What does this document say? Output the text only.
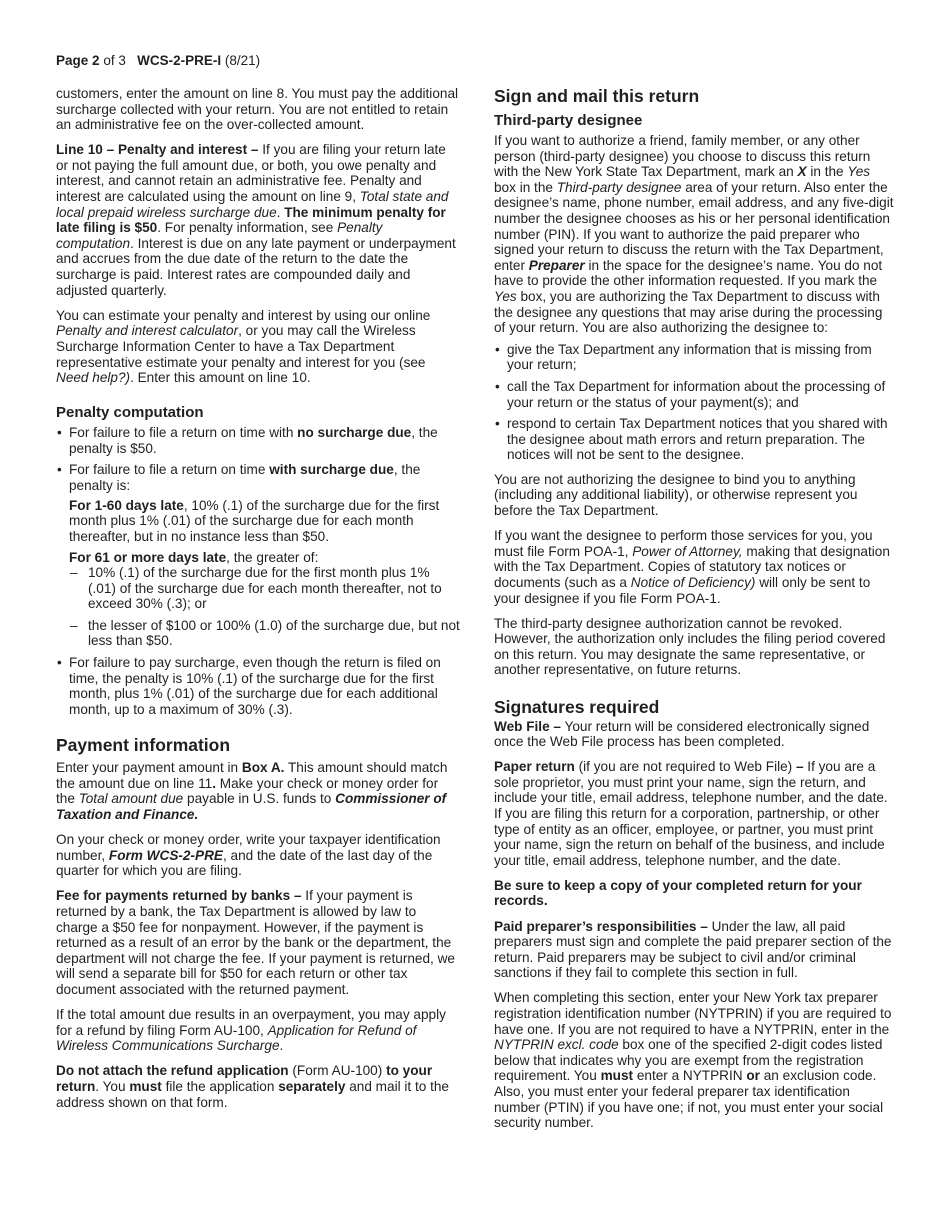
Page 2 of 3 WCS-2-PRE-I (8/21)

customers, enter the amount on line 8. You must pay the additional surcharge collected with your return. You are not entitled to retain an administrative fee on the over-collected amount.

Line 10 – Penalty and interest – If you are filing your return late or not paying the full amount due, or both, you owe penalty and interest, and cannot retain an administrative fee. Penalty and interest are calculated using the amount on line 9, Total state and local prepaid wireless surcharge due. The minimum penalty for late filing is $50. For penalty information, see Penalty computation. Interest is due on any late payment or underpayment and accrues from the due date of the return to the date the surcharge is paid. Interest rates are compounded daily and adjusted quarterly.

You can estimate your penalty and interest by using our online Penalty and interest calculator, or you may call the Wireless Surcharge Information Center to have a Tax Department representative estimate your penalty and interest for you (see Need help?). Enter this amount on line 10.

Penalty computation
• For failure to file a return on time with no surcharge due, the penalty is $50.
• For failure to file a return on time with surcharge due, the penalty is:
For 1-60 days late, 10% (.1) of the surcharge due for the first month plus 1% (.01) of the surcharge due for each month thereafter, but in no instance less than $50.
For 61 or more days late, the greater of:
– 10% (.1) of the surcharge due for the first month plus 1% (.01) of the surcharge due for each month thereafter, not to exceed 30% (.3); or
– the lesser of $100 or 100% (1.0) of the surcharge due, but not less than $50.
• For failure to pay surcharge, even though the return is filed on time, the penalty is 10% (.1) of the surcharge due for the first month, plus 1% (.01) of the surcharge due for each additional month, up to a maximum of 30% (.3).
Payment information

Enter your payment amount in Box A. This amount should match the amount due on line 11. Make your check or money order for the Total amount due payable in U.S. funds to Commissioner of Taxation and Finance.

On your check or money order, write your taxpayer identification number, Form WCS-2-PRE, and the date of the last day of the quarter for which you are filing.

Fee for payments returned by banks – If your payment is returned by a bank, the Tax Department is allowed by law to charge a $50 fee for nonpayment. However, if the payment is returned as a result of an error by the bank or the department, the department will not charge the fee. If your payment is returned, we will send a separate bill for $50 for each return or other tax document associated with the returned payment.

If the total amount due results in an overpayment, you may apply for a refund by filing Form AU-100, Application for Refund of Wireless Communications Surcharge.

Do not attach the refund application (Form AU-100) to your return. You must file the application separately and mail it to the address shown on that form.

Sign and mail this return
Third-party designee

If you want to authorize a friend, family member, or any other person (third-party designee) you choose to discuss this return with the New York State Tax Department, mark an X in the Yes box in the Third-party designee area of your return. Also enter the designee’s name, phone number, email address, and any five-digit number the designee chooses as his or her personal identification number (PIN). If you want to authorize the paid preparer who signed your return to discuss the return with the Tax Department, enter Preparer in the space for the designee’s name. You do not have to provide the other information requested. If you mark the Yes box, you are authorizing the Tax Department to discuss with the designee any questions that may arise during the processing of your return. You are also authorizing the designee to:

• give the Tax Department any information that is missing from your return;
• call the Tax Department for information about the processing of your return or the status of your payment(s); and
• respond to certain Tax Department notices that you shared with the designee about math errors and return preparation. The notices will not be sent to the designee.

You are not authorizing the designee to bind you to anything (including any additional liability), or otherwise represent you before the Tax Department.

If you want the designee to perform those services for you, you must file Form POA-1, Power of Attorney, making that designation with the Tax Department. Copies of statutory tax notices or documents (such as a Notice of Deficiency) will only be sent to your designee if you file Form POA-1.

The third-party designee authorization cannot be revoked. However, the authorization only includes the filing period covered on this return. You may designate the same representative, or another representative, on future returns.

Signatures required

Web File – Your return will be considered electronically signed once the Web File process has been completed.

Paper return (if you are not required to Web File) – If you are a sole proprietor, you must print your name, sign the return, and include your title, email address, telephone number, and the date. If you are filing this return for a corporation, partnership, or other type of entity as an officer, employee, or partner, you must print your name, sign the return on behalf of the business, and include your title, email address, telephone number, and the date.

Be sure to keep a copy of your completed return for your records.

Paid preparer’s responsibilities – Under the law, all paid preparers must sign and complete the paid preparer section of the return. Paid preparers may be subject to civil and/or criminal sanctions if they fail to complete this section in full.

When completing this section, enter your New York tax preparer registration identification number (NYTPRIN) if you are required to have one. If you are not required to have a NYTPRIN, enter in the NYTPRIN excl. code box one of the specified 2-digit codes listed below that indicates why you are exempt from the registration requirement. You must enter a NYTPRIN or an exclusion code. Also, you must enter your federal preparer tax identification number (PTIN) if you have one; if not, you must enter your social security number.
